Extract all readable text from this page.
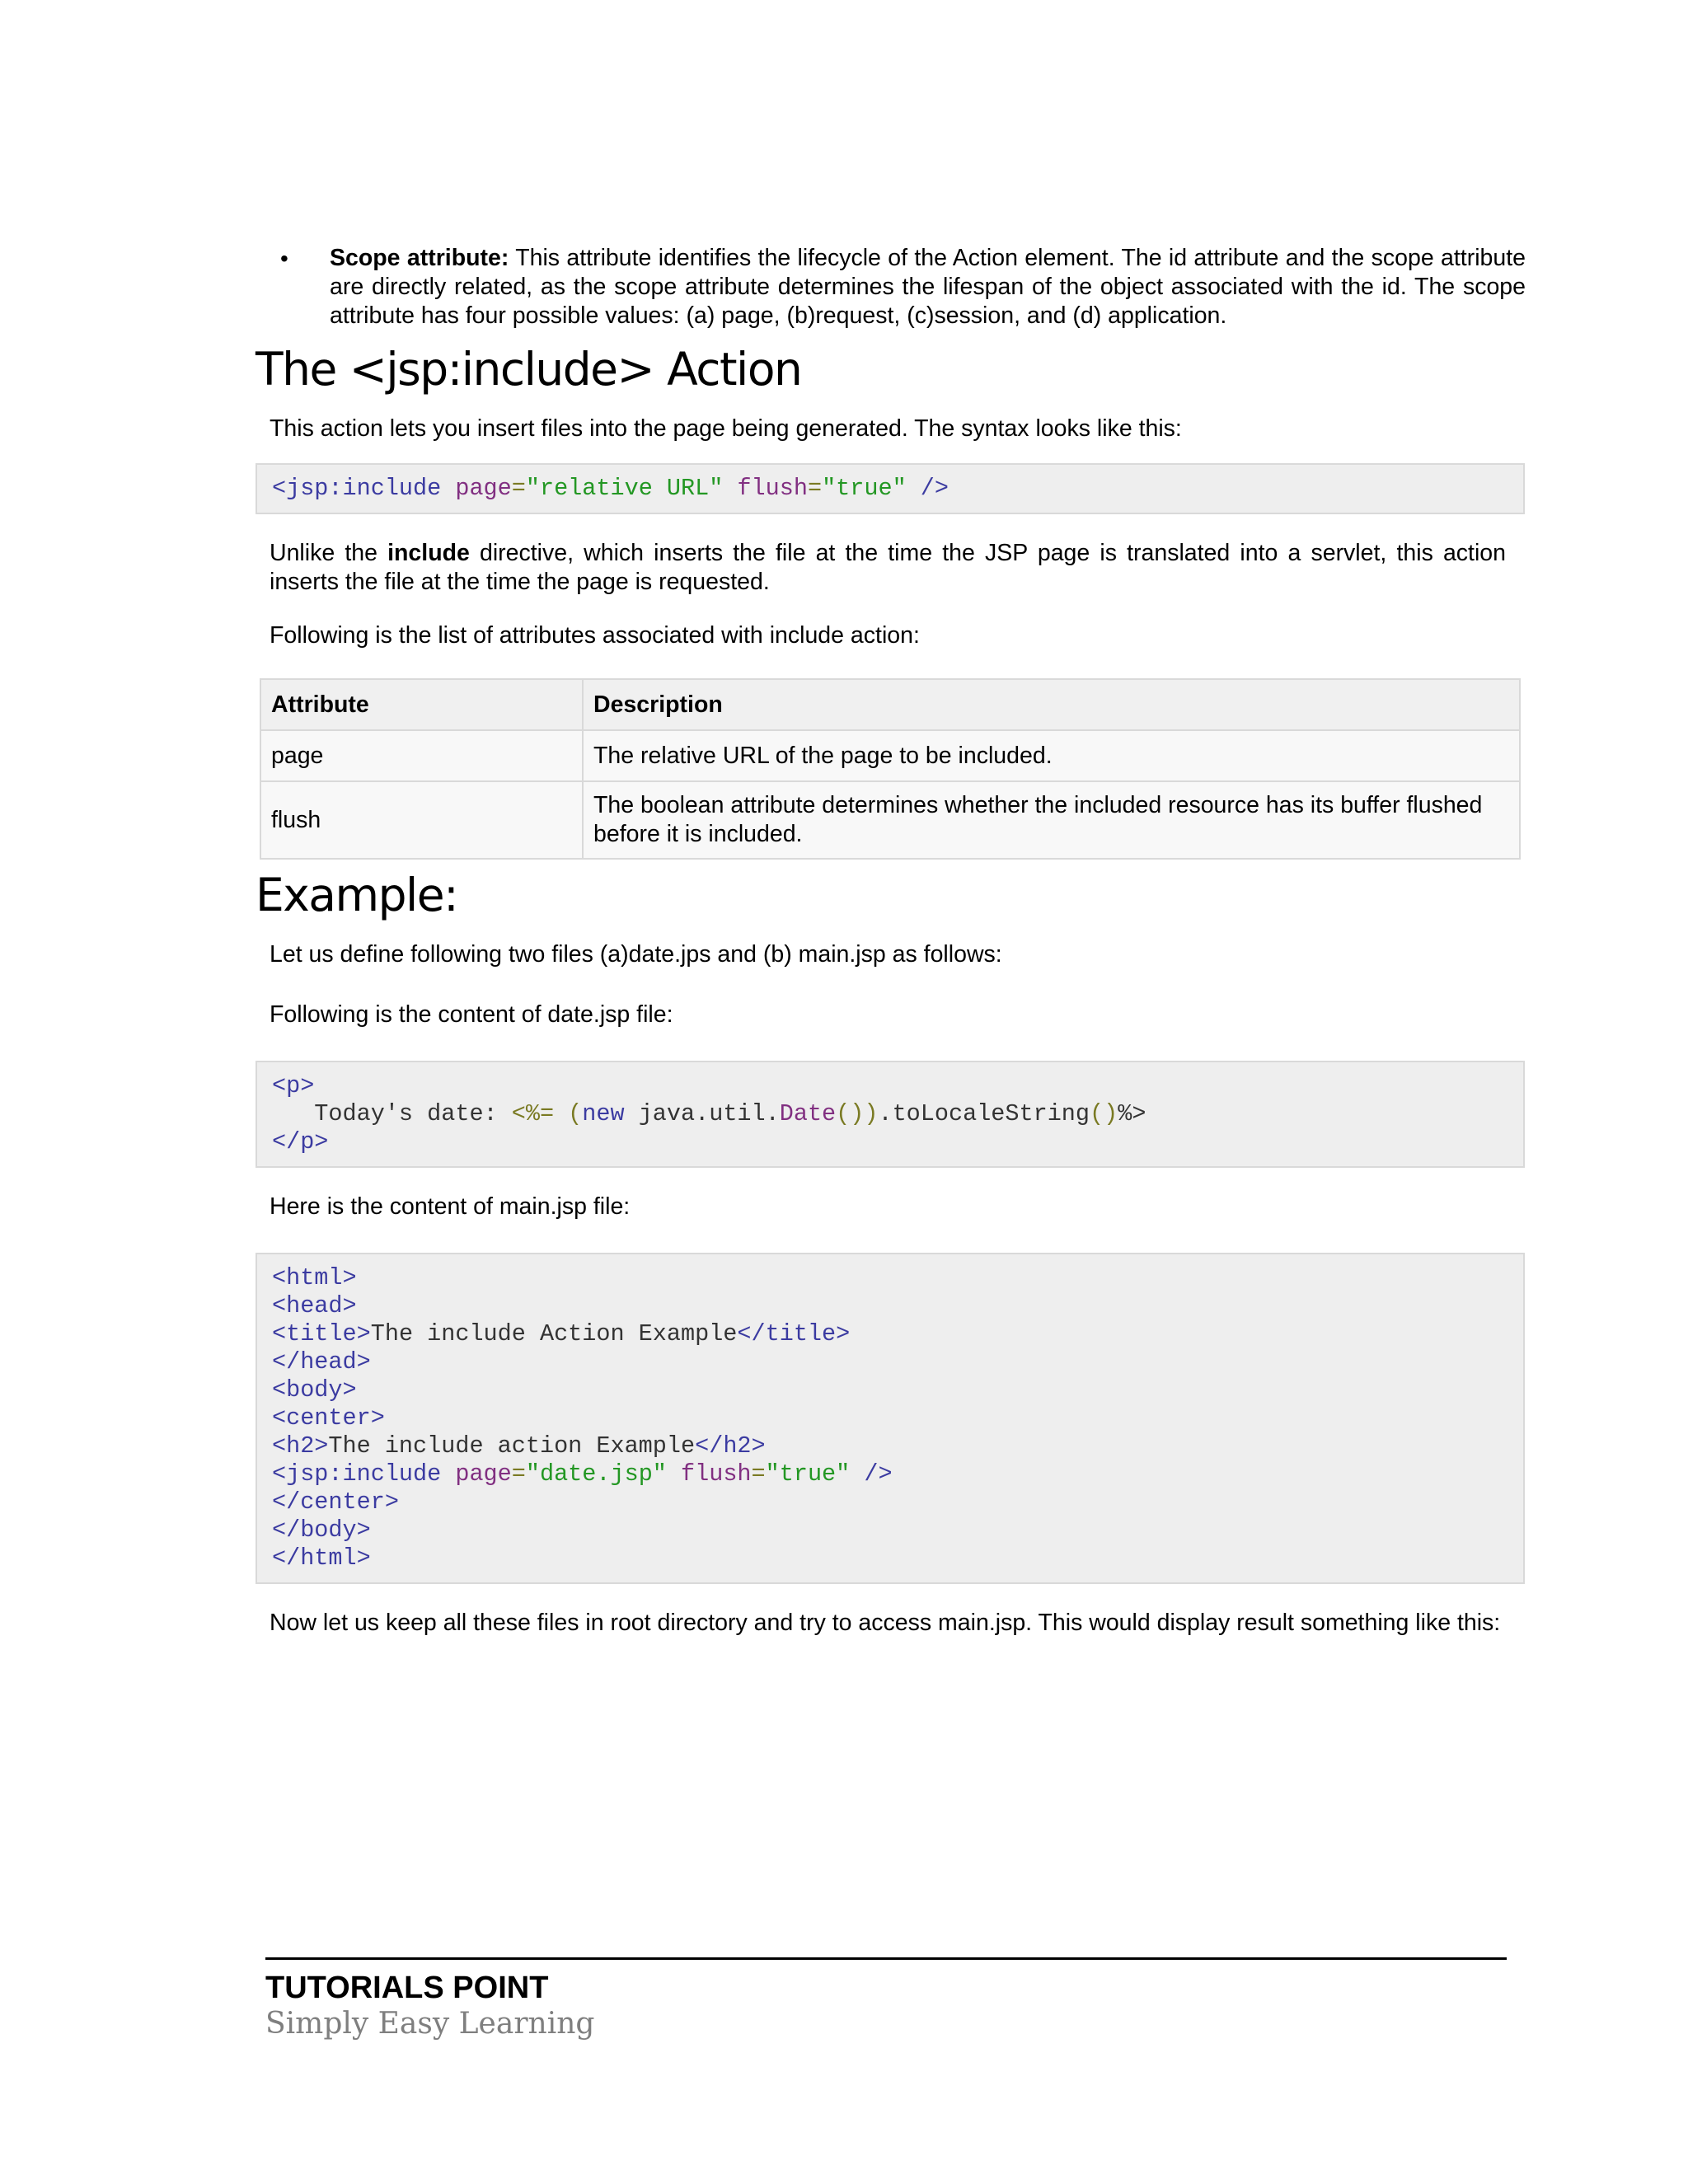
• Scope attribute: This attribute identifies the lifecycle of the Action element. The id attribute and the scope attribute are directly related, as the scope attribute determines the lifespan of the object associated with the id. The scope attribute has four possible values: (a) page, (b)request, (c)session, and (d) application.
The <jsp:include> Action

This action lets you insert files into the page being generated. The syntax looks like this:

<jsp:include page="relative URL" flush="true" />

Unlike the include directive, which inserts the file at the time the JSP page is translated into a servlet, this action inserts the file at the time the page is requested.

Following is the list of attributes associated with include action:

Attribute	Description
page	The relative URL of the page to be included.
flush	The boolean attribute determines whether the included resource has its buffer flushed before it is included.
Example:

Let us define following two files (a)date.jps and (b) main.jsp as follows:

Following is the content of date.jsp file:

<p>
Today's date: <%= (new java.util.Date()).toLocaleString()%>
</p>

Here is the content of main.jsp file:

<html>
<head>
<title>The include Action Example</title>
</head>
<body>
<center>
<h2>The include action Example</h2>
<jsp:include page="date.jsp" flush="true" />
</center>
</body>
</html>

Now let us keep all these files in root directory and try to access main.jsp. This would display result something like this:

TUTORIALS POINT
Simply Easy Learning
